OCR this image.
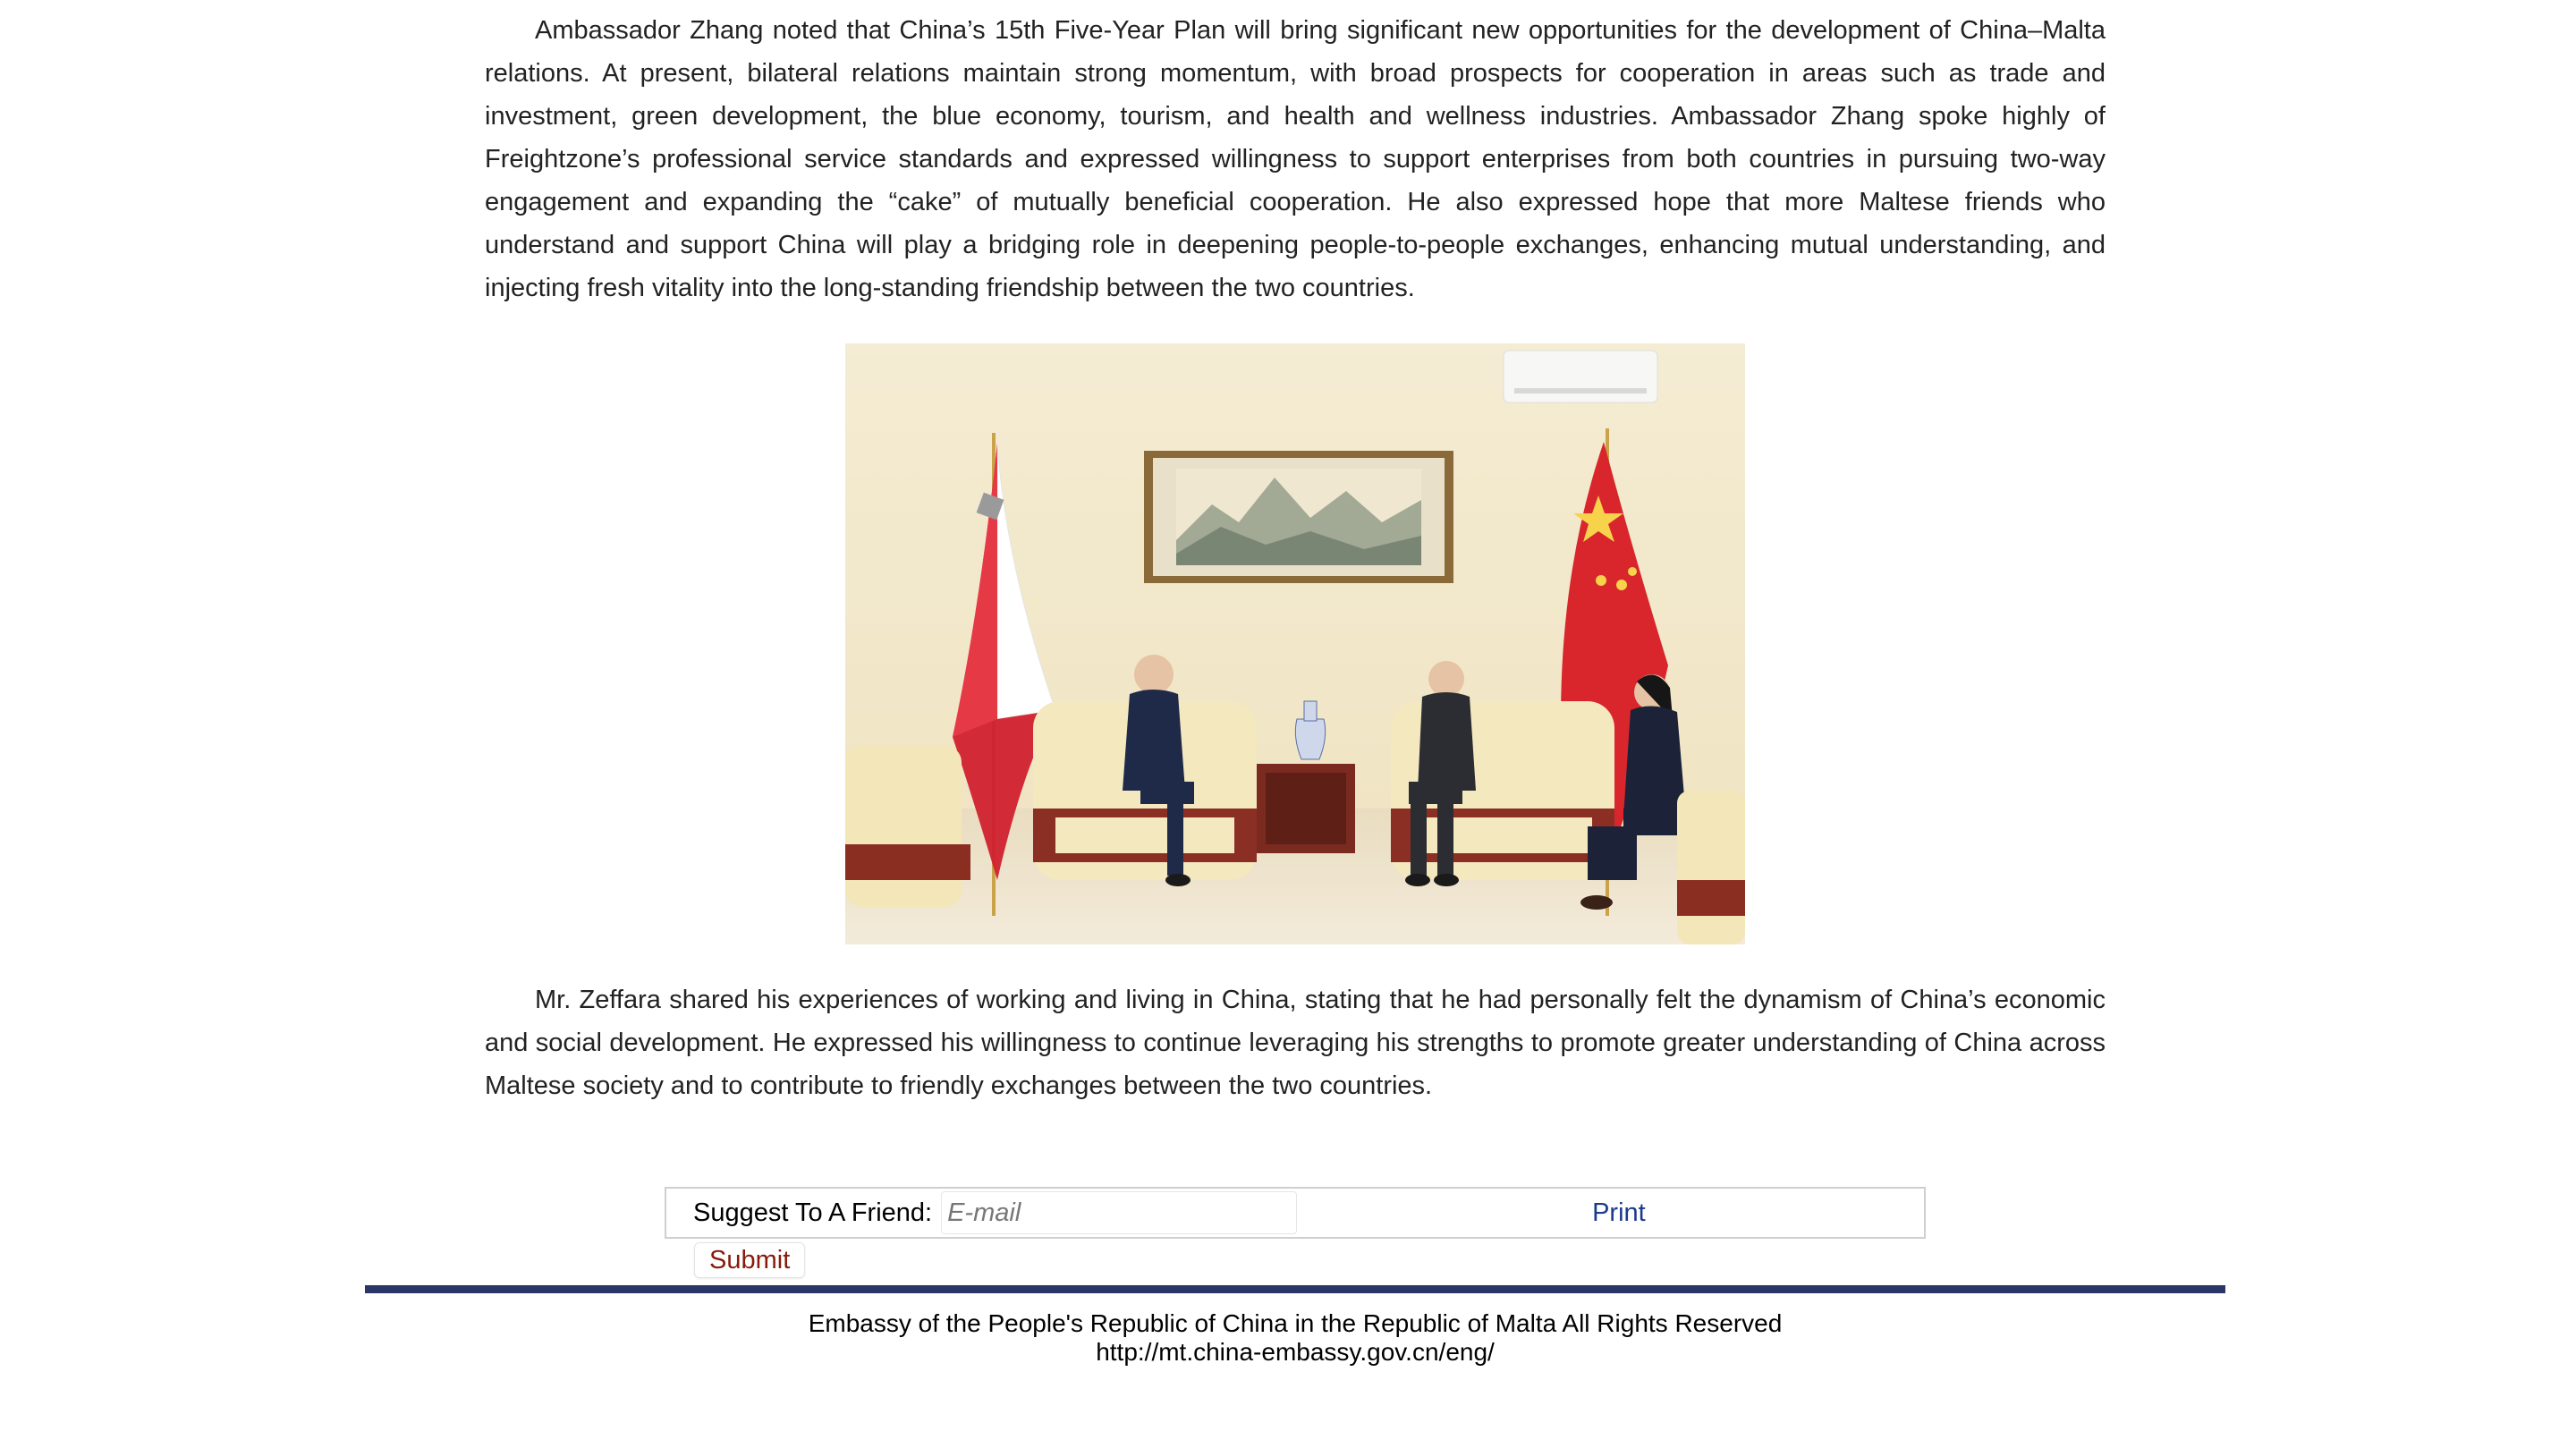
Ambassador Zhang noted that China’s 15th Five-Year Plan will bring significant new opportunities for the development of China–Malta relations. At present, bilateral relations maintain strong momentum, with broad prospects for cooperation in areas such as trade and investment, green development, the blue economy, tourism, and health and wellness industries. Ambassador Zhang spoke highly of Freightzone’s professional service standards and expressed willingness to support enterprises from both countries in pursuing two-way engagement and expanding the “cake” of mutually beneficial cooperation. He also expressed hope that more Maltese friends who understand and support China will play a bridging role in deepening people-to-people exchanges, enhancing mutual understanding, and injecting fresh vitality into the long-standing friendship between the two countries.

Mr. Zeffara shared his experiences of working and living in China, stating that he had personally felt the dynamism of China’s economic and social development. He expressed his willingness to continue leveraging his strengths to promote greater understanding of China across Maltese society and to contribute to friendly exchanges between the two countries.

Suggest To A Friend:
E-mail	Print
Submit
Embassy of the People's Republic of China in the Republic of Malta All Rights Reserved
http://mt.china-embassy.gov.cn/eng/
